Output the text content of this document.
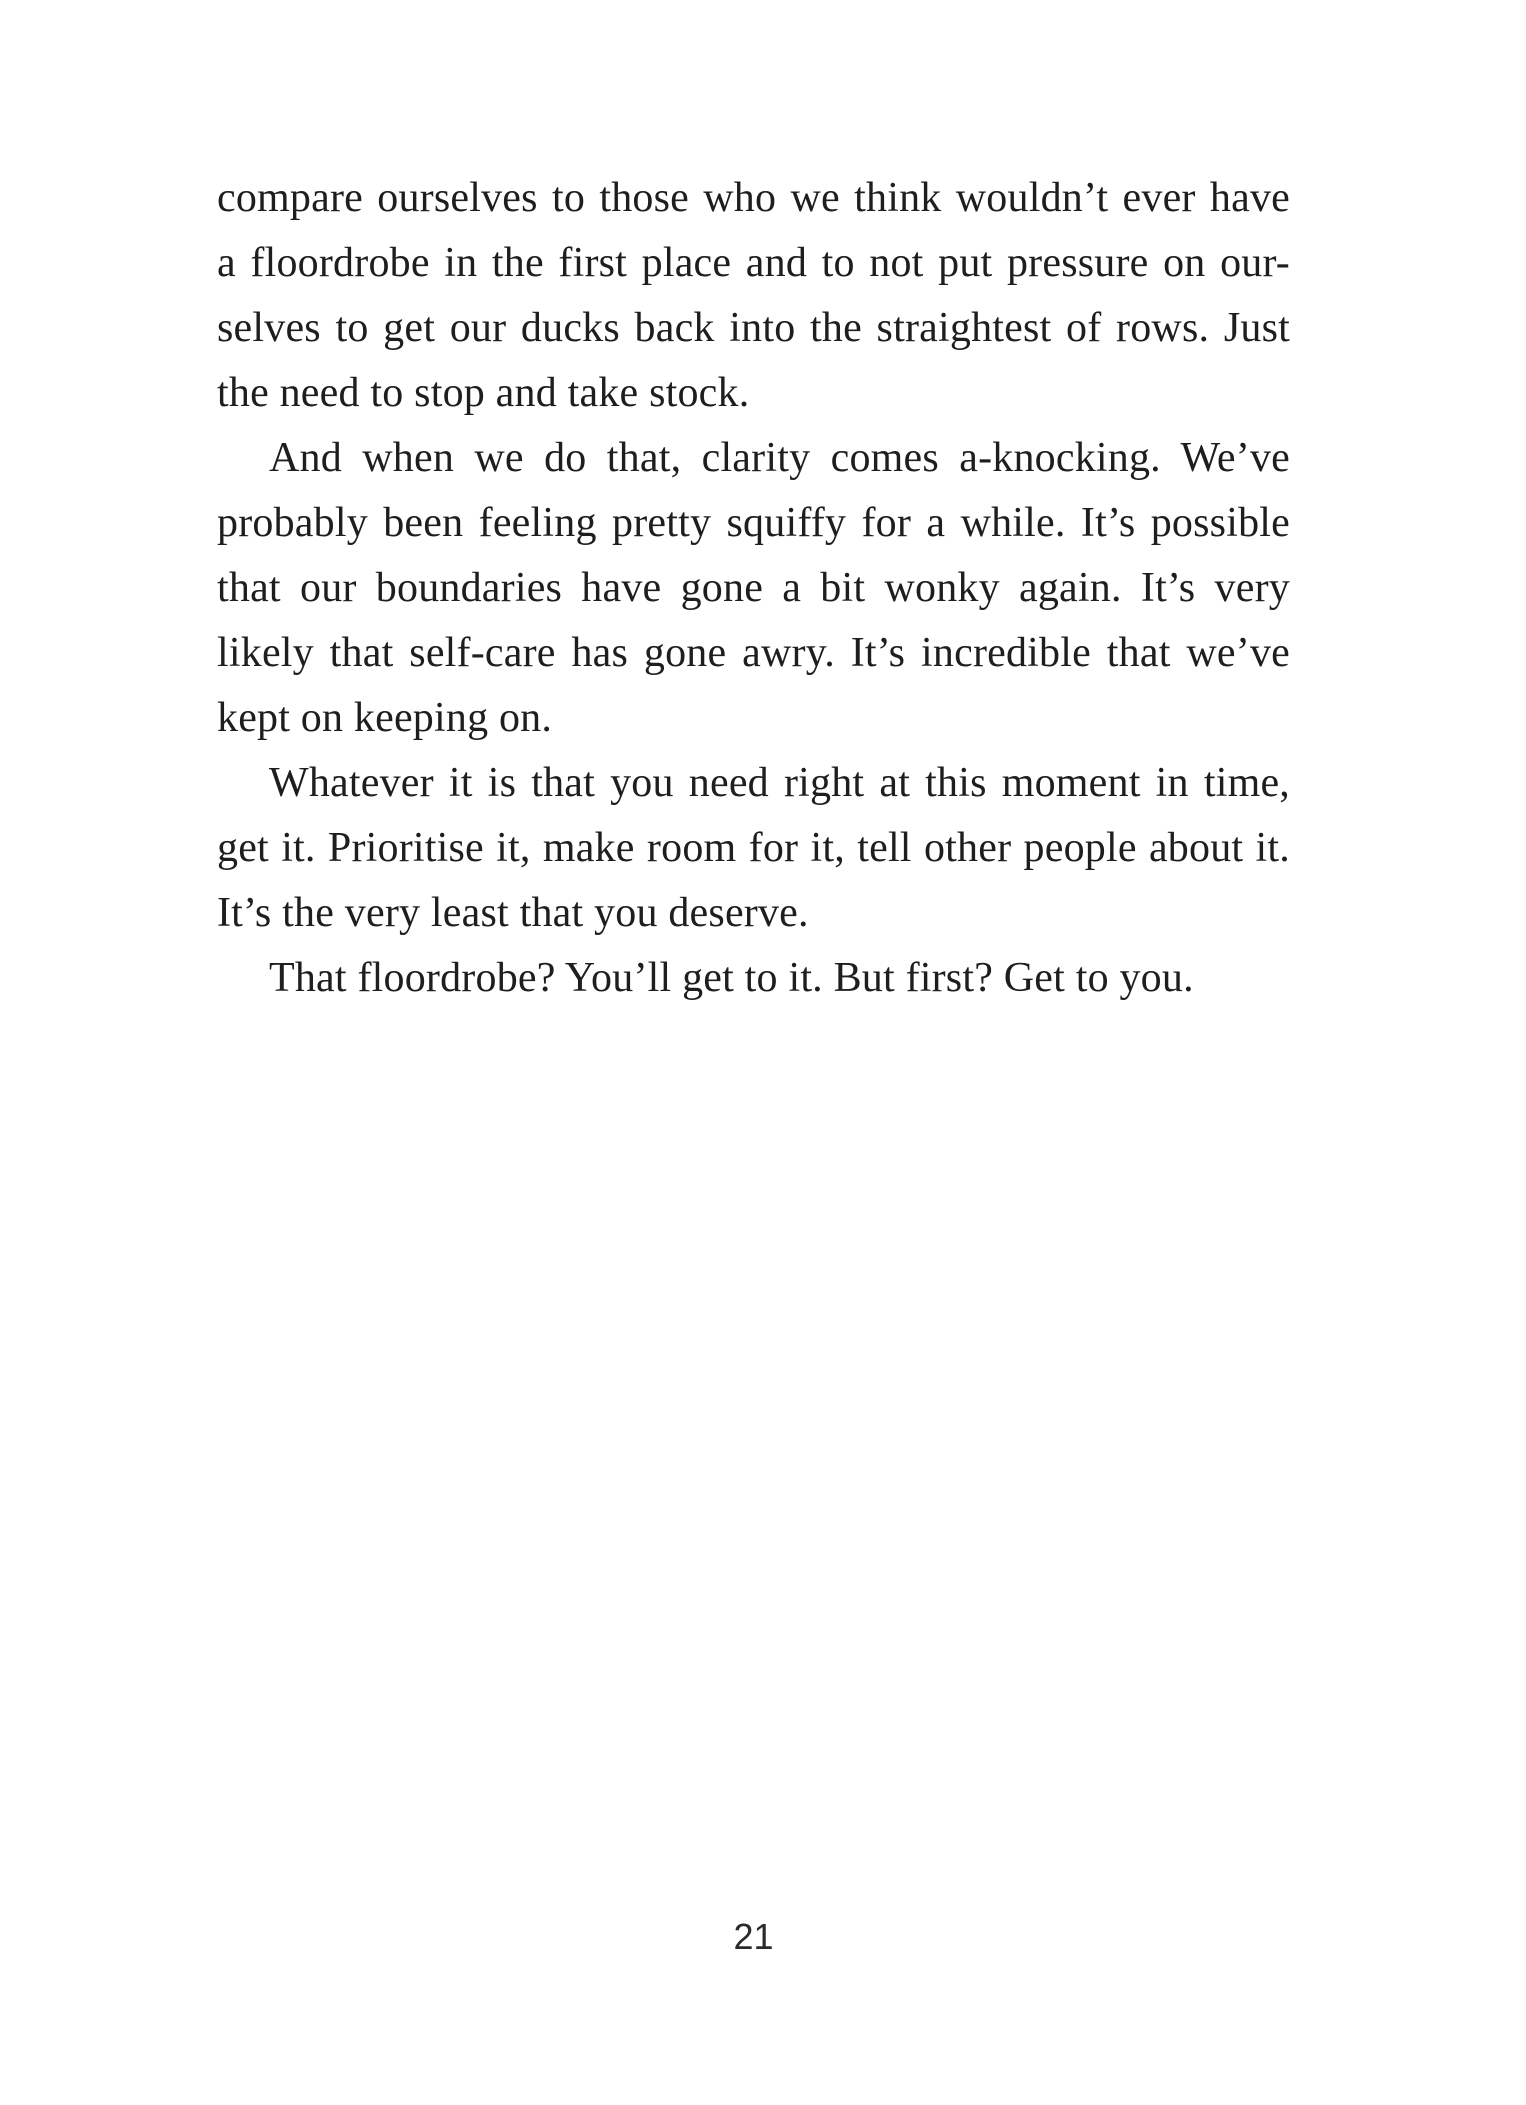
compare ourselves to those who we think wouldn’t ever have

a floordrobe in the first place and to not put pressure on our-

selves to get our ducks back into the straightest of rows. Just

the need to stop and take stock.

And when we do that, clarity comes a-knocking. We’ve

probably been feeling pretty squiffy for a while. It’s possible

that our boundaries have gone a bit wonky again. It’s very

likely that self-care has gone awry. It’s incredible that we’ve

kept on keeping on.

Whatever it is that you need right at this moment in time,

get it. Prioritise it, make room for it, tell other people about it.

It’s the very least that you deserve.

That floordrobe? You’ll get to it. But first? Get to you.

21
